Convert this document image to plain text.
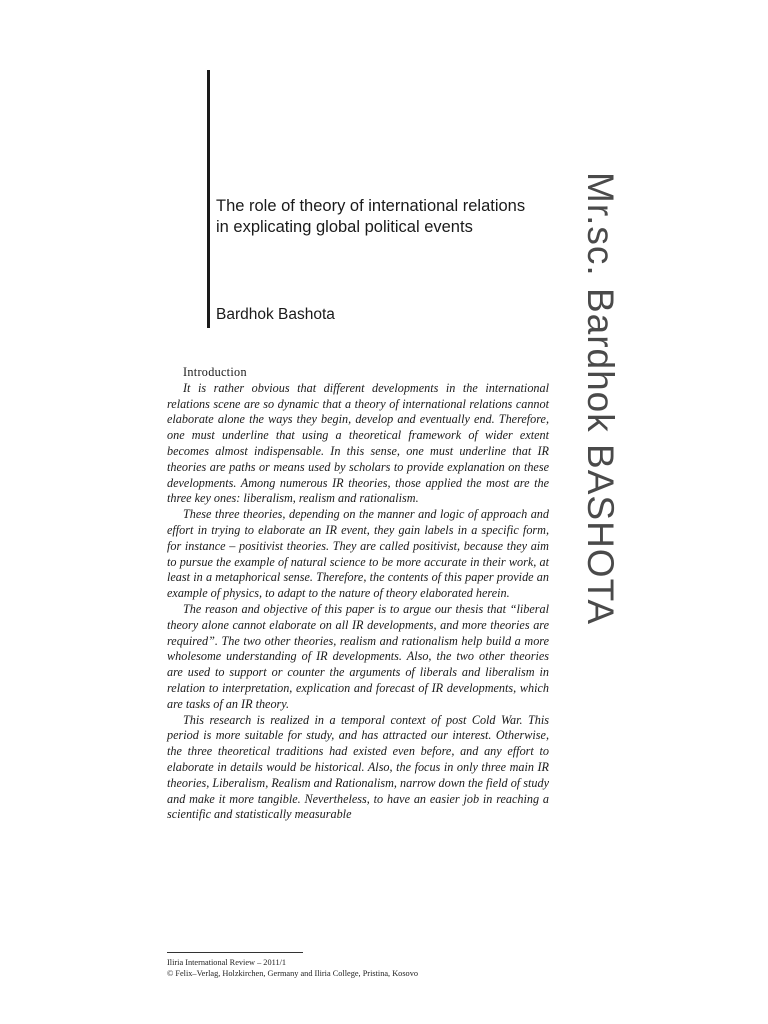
The role of theory of international relations
in explicating global political events
Bardhok Bashota	Mr.sc. Bardhok BASHOTA

Introduction

It is rather obvious that different developments in the international relations scene are so dynamic that a theory of international relations cannot elaborate alone the ways they begin, develop and eventually end. Therefore, one must underline that using a theoretical framework of wider extent becomes almost indispensable. In this sense, one must underline that IR theories are paths or means used by scholars to provide explanation on these developments. Among numerous IR theories, those applied the most are the three key ones: liberalism, realism and rationalism.

These three theories, depending on the manner and logic of approach and effort in trying to elaborate an IR event, they gain labels in a specific form, for instance – positivist theories. They are called positivist, because they aim to pursue the example of natural science to be more accurate in their work, at least in a metaphorical sense. Therefore, the contents of this paper provide an example of physics, to adapt to the nature of theory elaborated herein.

The reason and objective of this paper is to argue our thesis that “liberal theory alone cannot elaborate on all IR developments, and more theories are required”. The two other theories, realism and rationalism help build a more wholesome understanding of IR developments. Also, the two other theories are used to support or counter the arguments of liberals and liberalism in relation to interpretation, explication and forecast of IR developments, which are tasks of an IR theory.

This research is realized in a temporal context of post Cold War. This period is more suitable for study, and has attracted our interest. Otherwise, the three theoretical traditions had existed even before, and any effort to elaborate in details would be historical. Also, the focus in only three main IR theories, Liberalism, Realism and Rationalism, narrow down the field of study and make it more tangible. Nevertheless, to have an easier job in reaching a scientific and statistically measurable

Iliria International Review – 2011/1
© Felix–Verlag, Holzkirchen, Germany and Iliria College, Pristina, Kosovo
